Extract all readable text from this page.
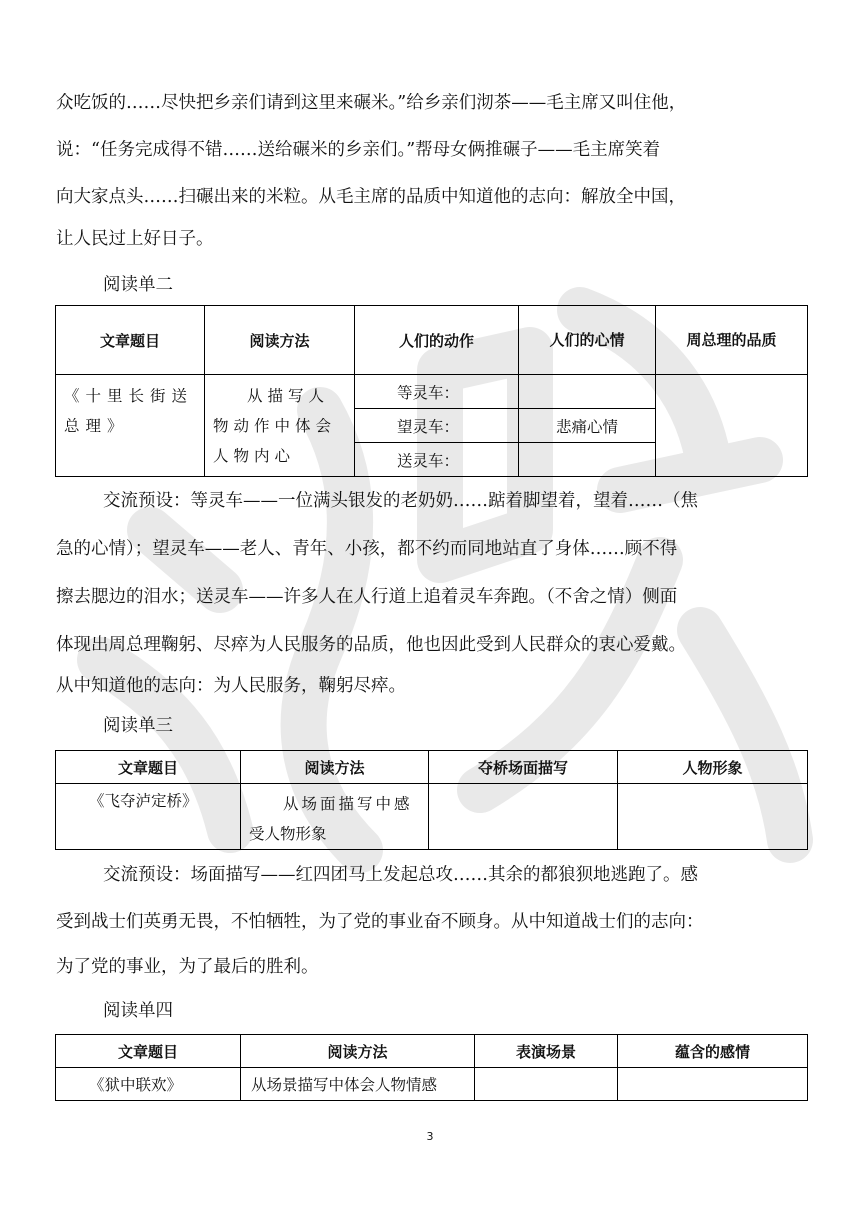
众吃饭的……尽快把乡亲们请到这里来碾米。”给乡亲们沏茶——毛主席又叫住他，
说：“任务完成得不错……送给碾米的乡亲们。”帮母女俩推碾子——毛主席笑着
向大家点头……扫碾出来的米粒。从毛主席的品质中知道他的志向：解放全中国，
让人民过上好日子。
阅读单二
文章题目	阅读方法	人们的动作	人们的心情	周总理的品质

《十里长街送总理》	从描写人物动作中体会人物内心	等灵车：		
		望灵车：	悲痛心情	
		送灵车：		
交流预设：等灵车——一位满头银发的老奶奶……踮着脚望着，望着……（焦
急的心情）；望灵车——老人、青年、小孩，都不约而同地站直了身体……顾不得
擦去腮边的泪水；送灵车——许多人在人行道上追着灵车奔跑。（不舍之情）侧面
体现出周总理鞠躬、尽瘁为人民服务的品质，他也因此受到人民群众的衷心爱戴。
从中知道他的志向：为人民服务，鞠躬尽瘁。
阅读单三
文章题目	阅读方法	夺桥场面描写	人物形象
《飞夺泸定桥》	从场面描写中感
受人物形象		

交流预设：场面描写——红四团马上发起总攻……其余的都狼狈地逃跑了。感
受到战士们英勇无畏，不怕牺牲，为了党的事业奋不顾身。从中知道战士们的志向：
为了党的事业，为了最后的胜利。
阅读单四
文章题目	阅读方法	表演场景	蕴含的感情
《狱中联欢》	从场景描写中体会人物情感		
3
